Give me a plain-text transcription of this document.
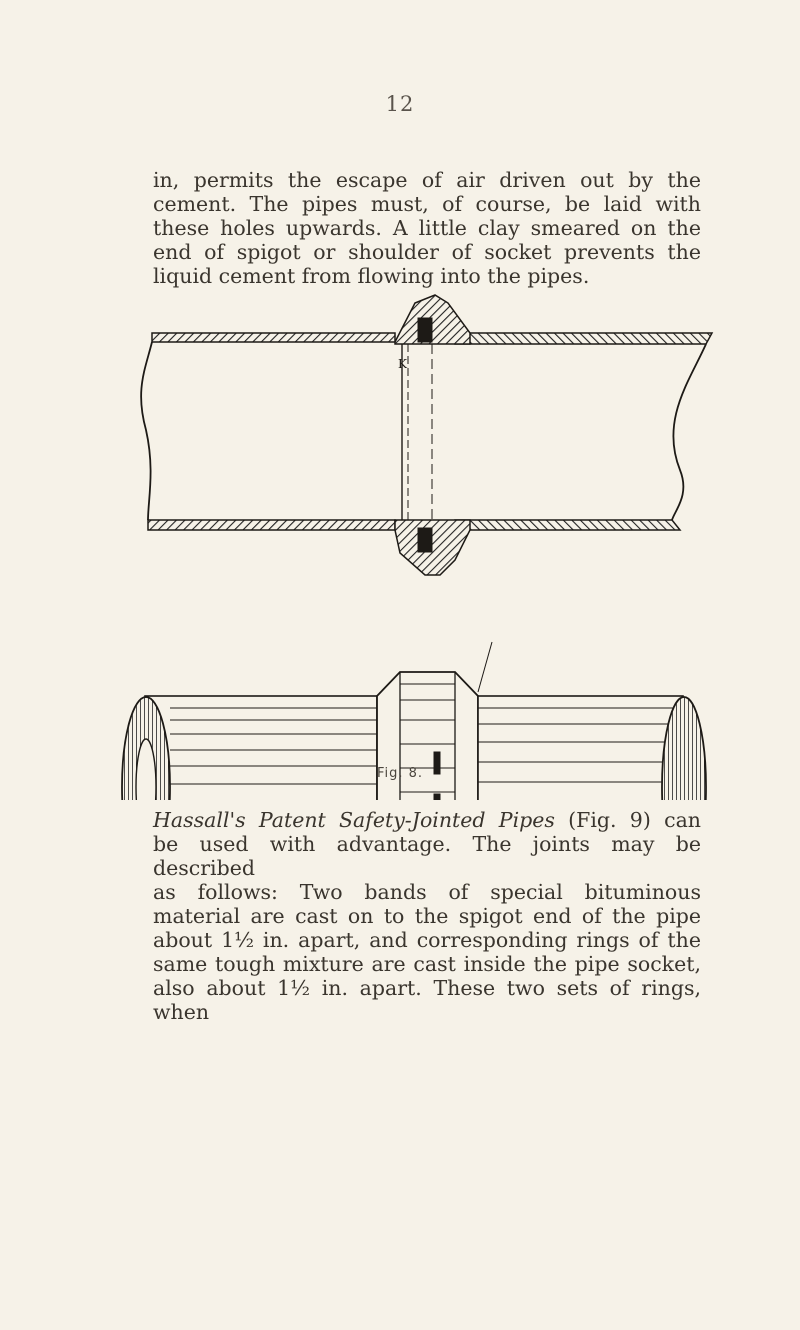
12
in, permits the escape of air driven out by the
cement. The pipes must, of course, be laid with
these holes upwards. A little clay smeared on the
end of spigot or shoulder of socket prevents the
liquid cement from flowing into the pipes.
K
Fig. 8.
Hassall's Patent Safety-Jointed Pipes (Fig. 9) can
be used with advantage. The joints may be described
as follows: Two bands of special bituminous
material are cast on to the spigot end of the pipe
about 1½ in. apart, and corresponding rings of the
same tough mixture are cast inside the pipe socket,
also about 1½ in. apart. These two sets of rings, when
